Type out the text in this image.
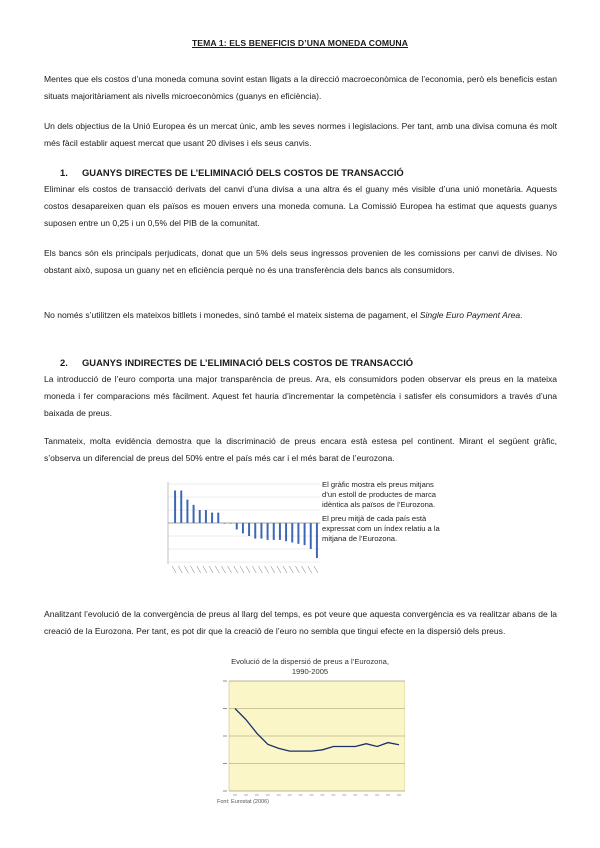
TEMA 1: ELS BENEFICIS D’UNA MONEDA COMUNA

Mentes que els costos d’una moneda comuna sovint estan lligats a la direcció macroeconòmica de l’economia, però els beneficis estan situats majoritàriament als nivells microeconòmics (guanys en eficiència).

Un dels objectius de la Unió Europea és un mercat únic, amb les seves normes i legislacions. Per tant, amb una divisa comuna és molt més fàcil establir aquest mercat que usant 20 divises i els seus canvis.

1. GUANYS DIRECTES DE L’ELIMINACIÓ DELS COSTOS DE TRANSACCIÓ

Eliminar els costos de transacció derivats del canvi d’una divisa a una altra és el guany més visible d’una unió monetària. Aquests costos desapareixen quan els països es mouen envers una moneda comuna. La Comissió Europea ha estimat que aquests guanys suposen entre un 0,25 i un 0,5% del PIB de la comunitat.

Els bancs són els principals perjudicats, donat que un 5% dels seus ingressos provenien de les comissions per canvi de divises. No obstant això, suposa un guany net en eficiència perquè no és una transferència dels bancs als consumidors.

No només s’utilitzen els mateixos bitllets i monedes, sinó també el mateix sistema de pagament, el Single Euro Payment Area.

2. GUANYS INDIRECTES DE L’ELIMINACIÓ DELS COSTOS DE TRANSACCIÓ

La introducció de l’euro comporta una major transparència de preus. Ara, els consumidors poden observar els preus en la mateixa moneda i fer comparacions més fàcilment. Aquest fet hauria d’incrementar la competència i satisfer els consumidors a través d’una baixada de preus.

Tanmateix, molta evidència demostra que la discriminació de preus encara està estesa pel continent. Mirant el següent gràfic, s’observa un diferencial de preus del 50% entre el país més car i el més barat de l’eurozona.

El gràfic mostra els preus mitjans d’un estoll de productes de marca idèntica als països de l’Eurozona.
El preu mitjà de cada país està expressat com un índex relatiu a la mitjana de l’Eurozona.

Analitzant l’evolució de la convergència de preus al llarg del temps, es pot veure que aquesta convergència es va realitzar abans de la creació de la Eurozona. Per tant, es pot dir que la creació de l’euro no sembla que tingui efecte en la dispersió dels preus.

Evolució de la dispersió de preus a l’Eurozona,
1990-2005
Font: Eurostat (2006)
